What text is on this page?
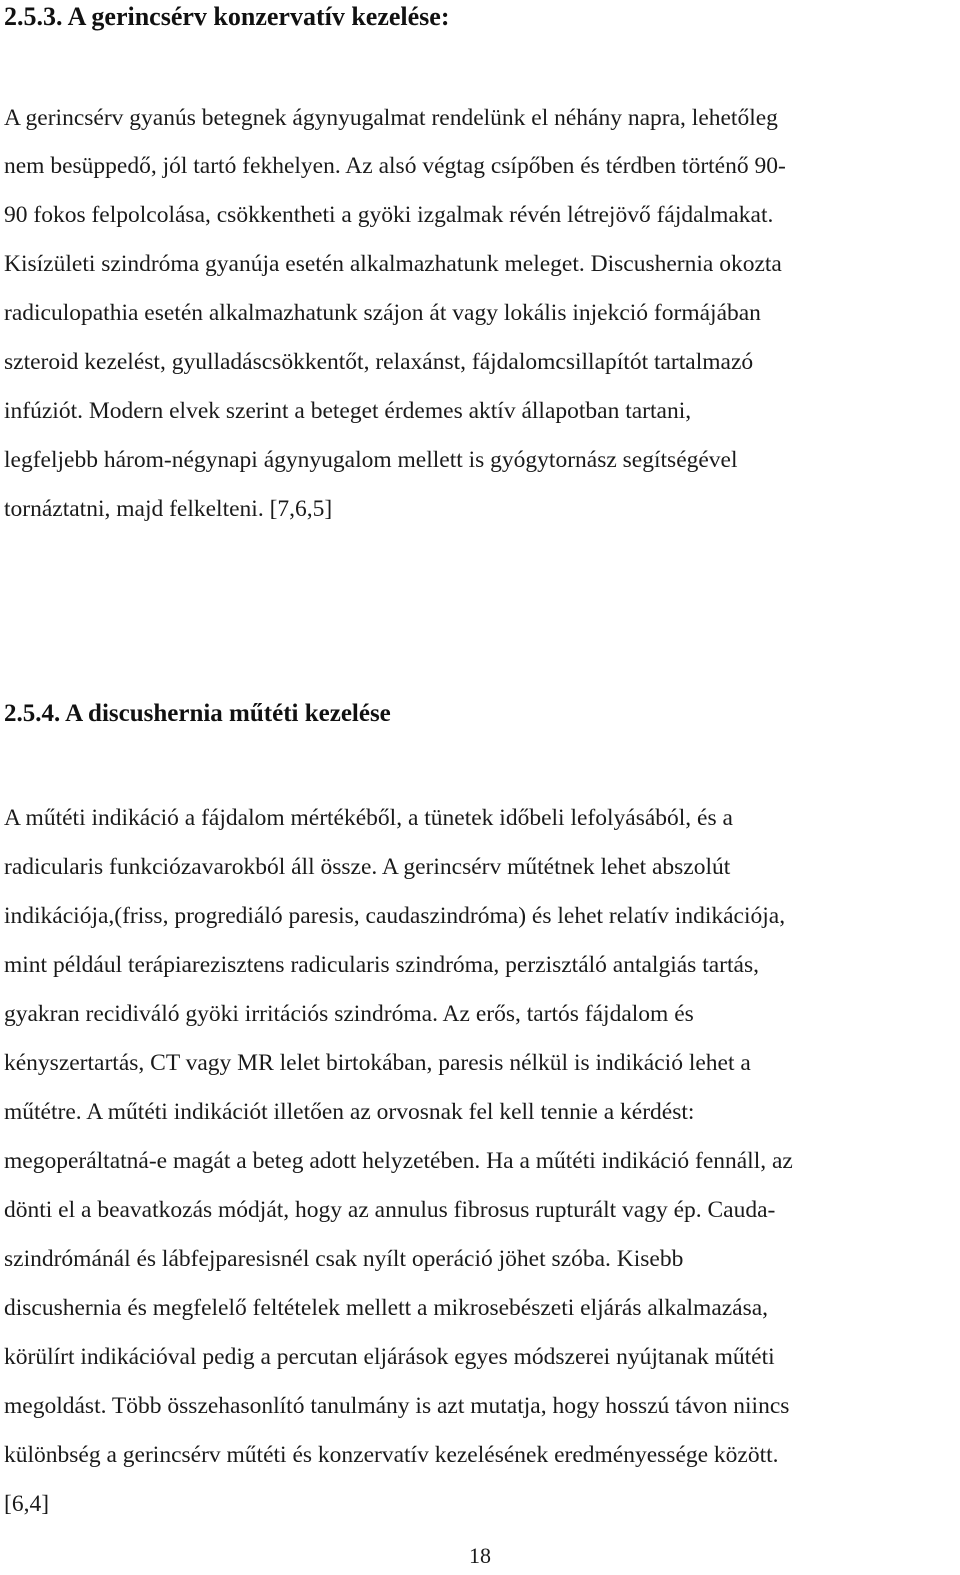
2.5.3. A gerincsérv konzervatív kezelése:
A gerincsérv gyanús betegnek ágynyugalmat rendelünk el néhány napra, lehetőleg
nem besüppedő, jól tartó fekhelyen. Az alsó végtag csípőben és térdben történő 90-
90 fokos felpolcolása, csökkentheti a gyöki izgalmak révén létrejövő fájdalmakat.
Kisízületi szindróma gyanúja esetén alkalmazhatunk meleget. Discushernia okozta
radiculopathia esetén alkalmazhatunk szájon át vagy lokális injekció formájában
szteroid kezelést, gyulladáscsökkentőt, relaxánst, fájdalomcsillapítót tartalmazó
infúziót. Modern elvek szerint a beteget érdemes aktív állapotban tartani,
legfeljebb három-négynapi ágynyugalom mellett is gyógytornász segítségével
tornáztatni, majd felkelteni. [7,6,5]
2.5.4. A discushernia műtéti kezelése
A műtéti indikáció a fájdalom mértékéből, a tünetek időbeli lefolyásából, és a
radicularis funkciózavarokból áll össze. A gerincsérv műtétnek lehet abszolút
indikációja,(friss, progrediáló paresis, caudaszindróma) és lehet relatív indikációja,
mint például terápiarezisztens radicularis szindróma, perzisztáló antalgiás tartás,
gyakran recidiváló gyöki irritációs szindróma. Az erős, tartós fájdalom és
kényszertartás, CT vagy MR lelet birtokában, paresis nélkül is indikáció lehet a
műtétre. A műtéti indikációt illetően az orvosnak fel kell tennie a kérdést:
megoperáltatná-e magát a beteg adott helyzetében. Ha a műtéti indikáció fennáll, az
dönti el a beavatkozás módját, hogy az annulus fibrosus rupturált vagy ép. Cauda-
szindrómánál és lábfejparesisnél csak nyílt operáció jöhet szóba. Kisebb
discushernia és megfelelő feltételek mellett a mikrosebészeti eljárás alkalmazása,
körülírt indikációval pedig a percutan eljárások egyes módszerei nyújtanak műtéti
megoldást. Több összehasonlító tanulmány is azt mutatja, hogy hosszú távon niincs
különbség a gerincsérv műtéti és konzervatív kezelésének eredményessége között.
[6,4]
18
